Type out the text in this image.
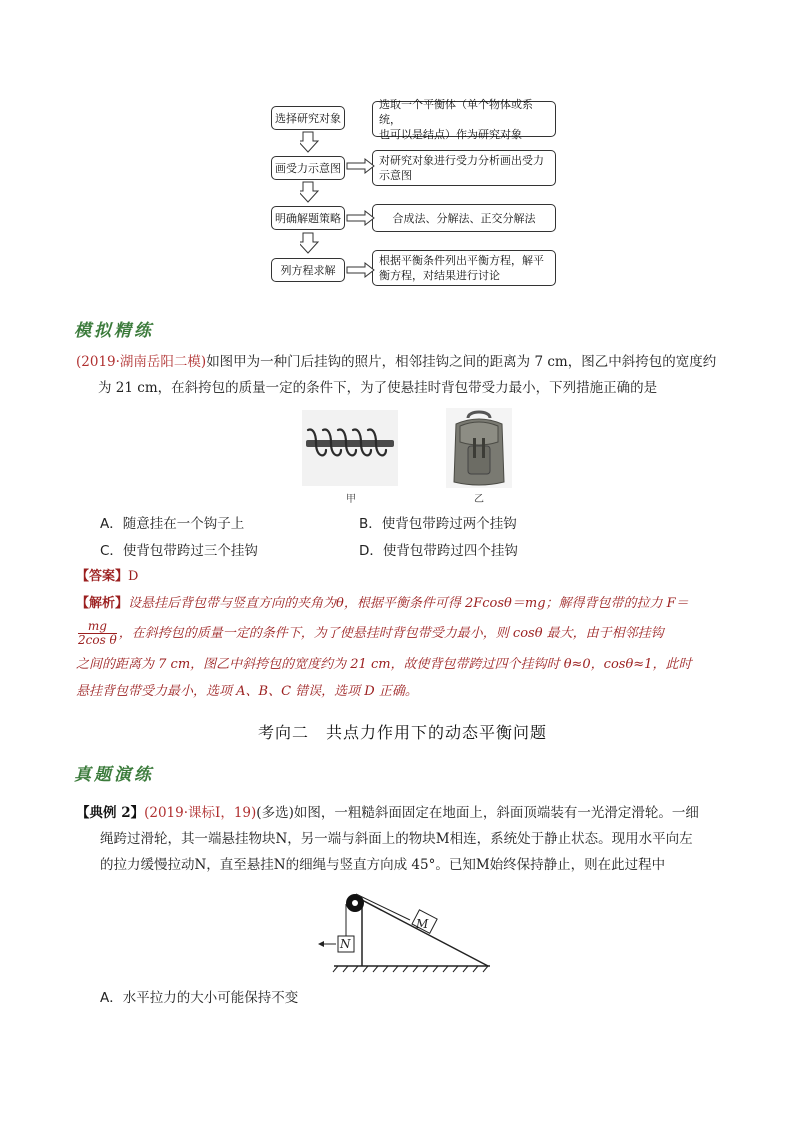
选择研究对象
画受力示意图
明确解题策略
列方程求解
选取一个平衡体（单个物体或系统，
也可以是结点）作为研究对象
对研究对象进行受力分析画出受力
示意图
合成法、分解法、正交分解法
根据平衡条件列出平衡方程，解平
衡方程，对结果进行讨论
模拟精练
(2019·湖南岳阳二模)如图甲为一种门后挂钩的照片，相邻挂钩之间的距离为 7 cm，图乙中斜挎包的宽度约
为 21 cm，在斜挎包的质量一定的条件下，为了使悬挂时背包带受力最小，下列措施正确的是
甲	乙
A．随意挂在一个钩子上	B．使背包带跨过两个挂钩
C．使背包带跨过三个挂钩	D．使背包带跨过四个挂钩
【答案】D
【解析】设悬挂后背包带与竖直方向的夹角为θ，根据平衡条件可得 2Fcosθ＝mg；解得背包带的拉力 F＝
$\frac{mg}{\text{2cos θ}}$ ，在斜挎包的质量一定的条件下，为了使悬挂时背包带受力最小，则 cosθ 最大，由于相邻挂钩
之间的距离为 7 cm，图乙中斜挎包的宽度约为 21 cm，故使背包带跨过四个挂钩时 θ≈0，cosθ≈1，此时
悬挂背包带受力最小，选项 A、B、C 错误，选项 D 正确。
考向二　共点力作用下的动态平衡问题
真题演练
【典例 2】(2019·课标Ⅰ，19)(多选)如图，一粗糙斜面固定在地面上，斜面顶端装有一光滑定滑轮。一细
绳跨过滑轮，其一端悬挂物块N，另一端与斜面上的物块M相连，系统处于静止状态。现用水平向左
的拉力缓慢拉动N，直至悬挂N的细绳与竖直方向成 45°。已知M始终保持静止，则在此过程中
M
N
A．水平拉力的大小可能保持不变
